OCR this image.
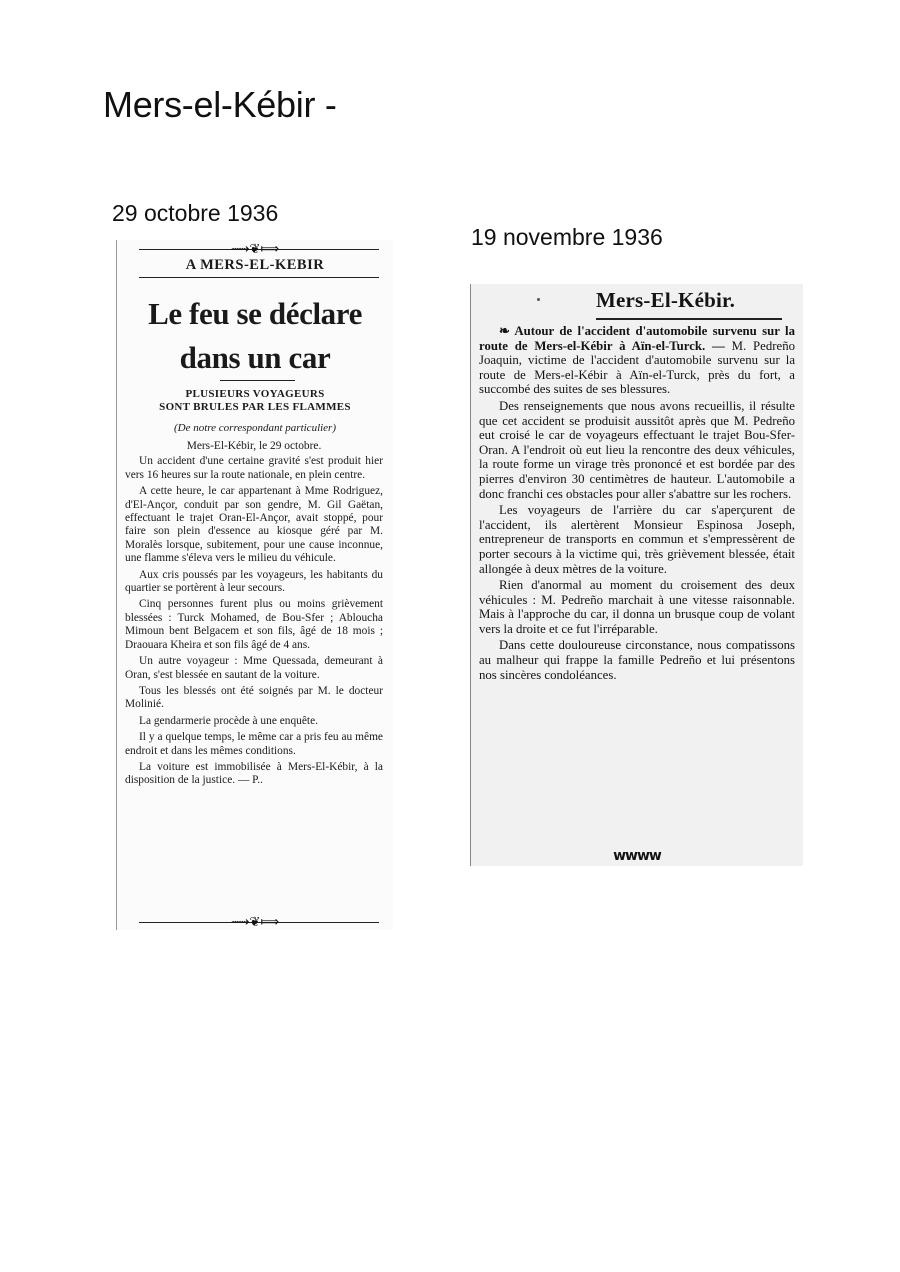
Mers-el-Kébir -
29 octobre 1936
19 novembre 1936
⟿❦⟾
A MERS-EL-KEBIR
Le feu se déclare
dans un car
PLUSIEURS VOYAGEURS
SONT BRULES PAR LES FLAMMES
(De notre correspondant particulier)

Mers-El-Kébir, le 29 octobre.

Un accident d'une certaine gravité s'est produit hier vers 16 heures sur la route nationale, en plein centre.

A cette heure, le car appartenant à Mme Rodriguez, d'El-Ançor, conduit par son gendre, M. Gil Gaëtan, effectuant le trajet Oran-El-Ançor, avait stoppé, pour faire son plein d'essence au kiosque géré par M. Moralès lorsque, subitement, pour une cause inconnue, une flamme s'éleva vers le milieu du véhicule.

Aux cris poussés par les voyageurs, les habitants du quartier se portèrent à leur secours.

Cinq personnes furent plus ou moins grièvement blessées : Turck Mohamed, de Bou-Sfer ; Abloucha Mimoun bent Belgacem et son fils, âgé de 18 mois ; Draouara Kheira et son fils âgé de 4 ans.

Un autre voyageur : Mme Quessada, demeurant à Oran, s'est blessée en sautant de la voiture.

Tous les blessés ont été soignés par M. le docteur Molinié.

La gendarmerie procède à une enquête.

Il y a quelque temps, le même car a pris feu au même endroit et dans les mêmes conditions.

La voiture est immobilisée à Mers-El-Kébir, à la disposition de la justice. — P..

⟿❦⟾
Mers-El-Kébir.

❧ Autour de l'accident d'automobile survenu sur la route de Mers-el-Kébir à Aïn-el-Turck. — M. Pedreño Joaquin, victime de l'accident d'automobile survenu sur la route de Mers-el-Kébir à Aïn-el-Turck, près du fort, a succombé des suites de ses blessures.

Des renseignements que nous avons recueillis, il résulte que cet accident se produisit aussitôt après que M. Pedreño eut croisé le car de voyageurs effectuant le trajet Bou-Sfer-Oran. A l'endroit où eut lieu la rencontre des deux véhicules, la route forme un virage très prononcé et est bordée par des pierres d'environ 30 centimètres de hauteur. L'automobile a donc franchi ces obstacles pour aller s'abattre sur les rochers.

Les voyageurs de l'arrière du car s'aperçurent de l'accident, ils alertèrent Monsieur Espinosa Joseph, entrepreneur de transports en commun et s'empressèrent de porter secours à la victime qui, très grièvement blessée, était allongée à deux mètres de la voiture.

Rien d'anormal au moment du croisement des deux véhicules : M. Pedreño marchait à une vitesse raisonnable. Mais à l'approche du car, il donna un brusque coup de volant vers la droite et ce fut l'irréparable.

Dans cette douloureuse circonstance, nous compatissons au malheur qui frappe la famille Pedreño et lui présentons nos sincères condoléances.

ᴡᴡᴡᴡ
